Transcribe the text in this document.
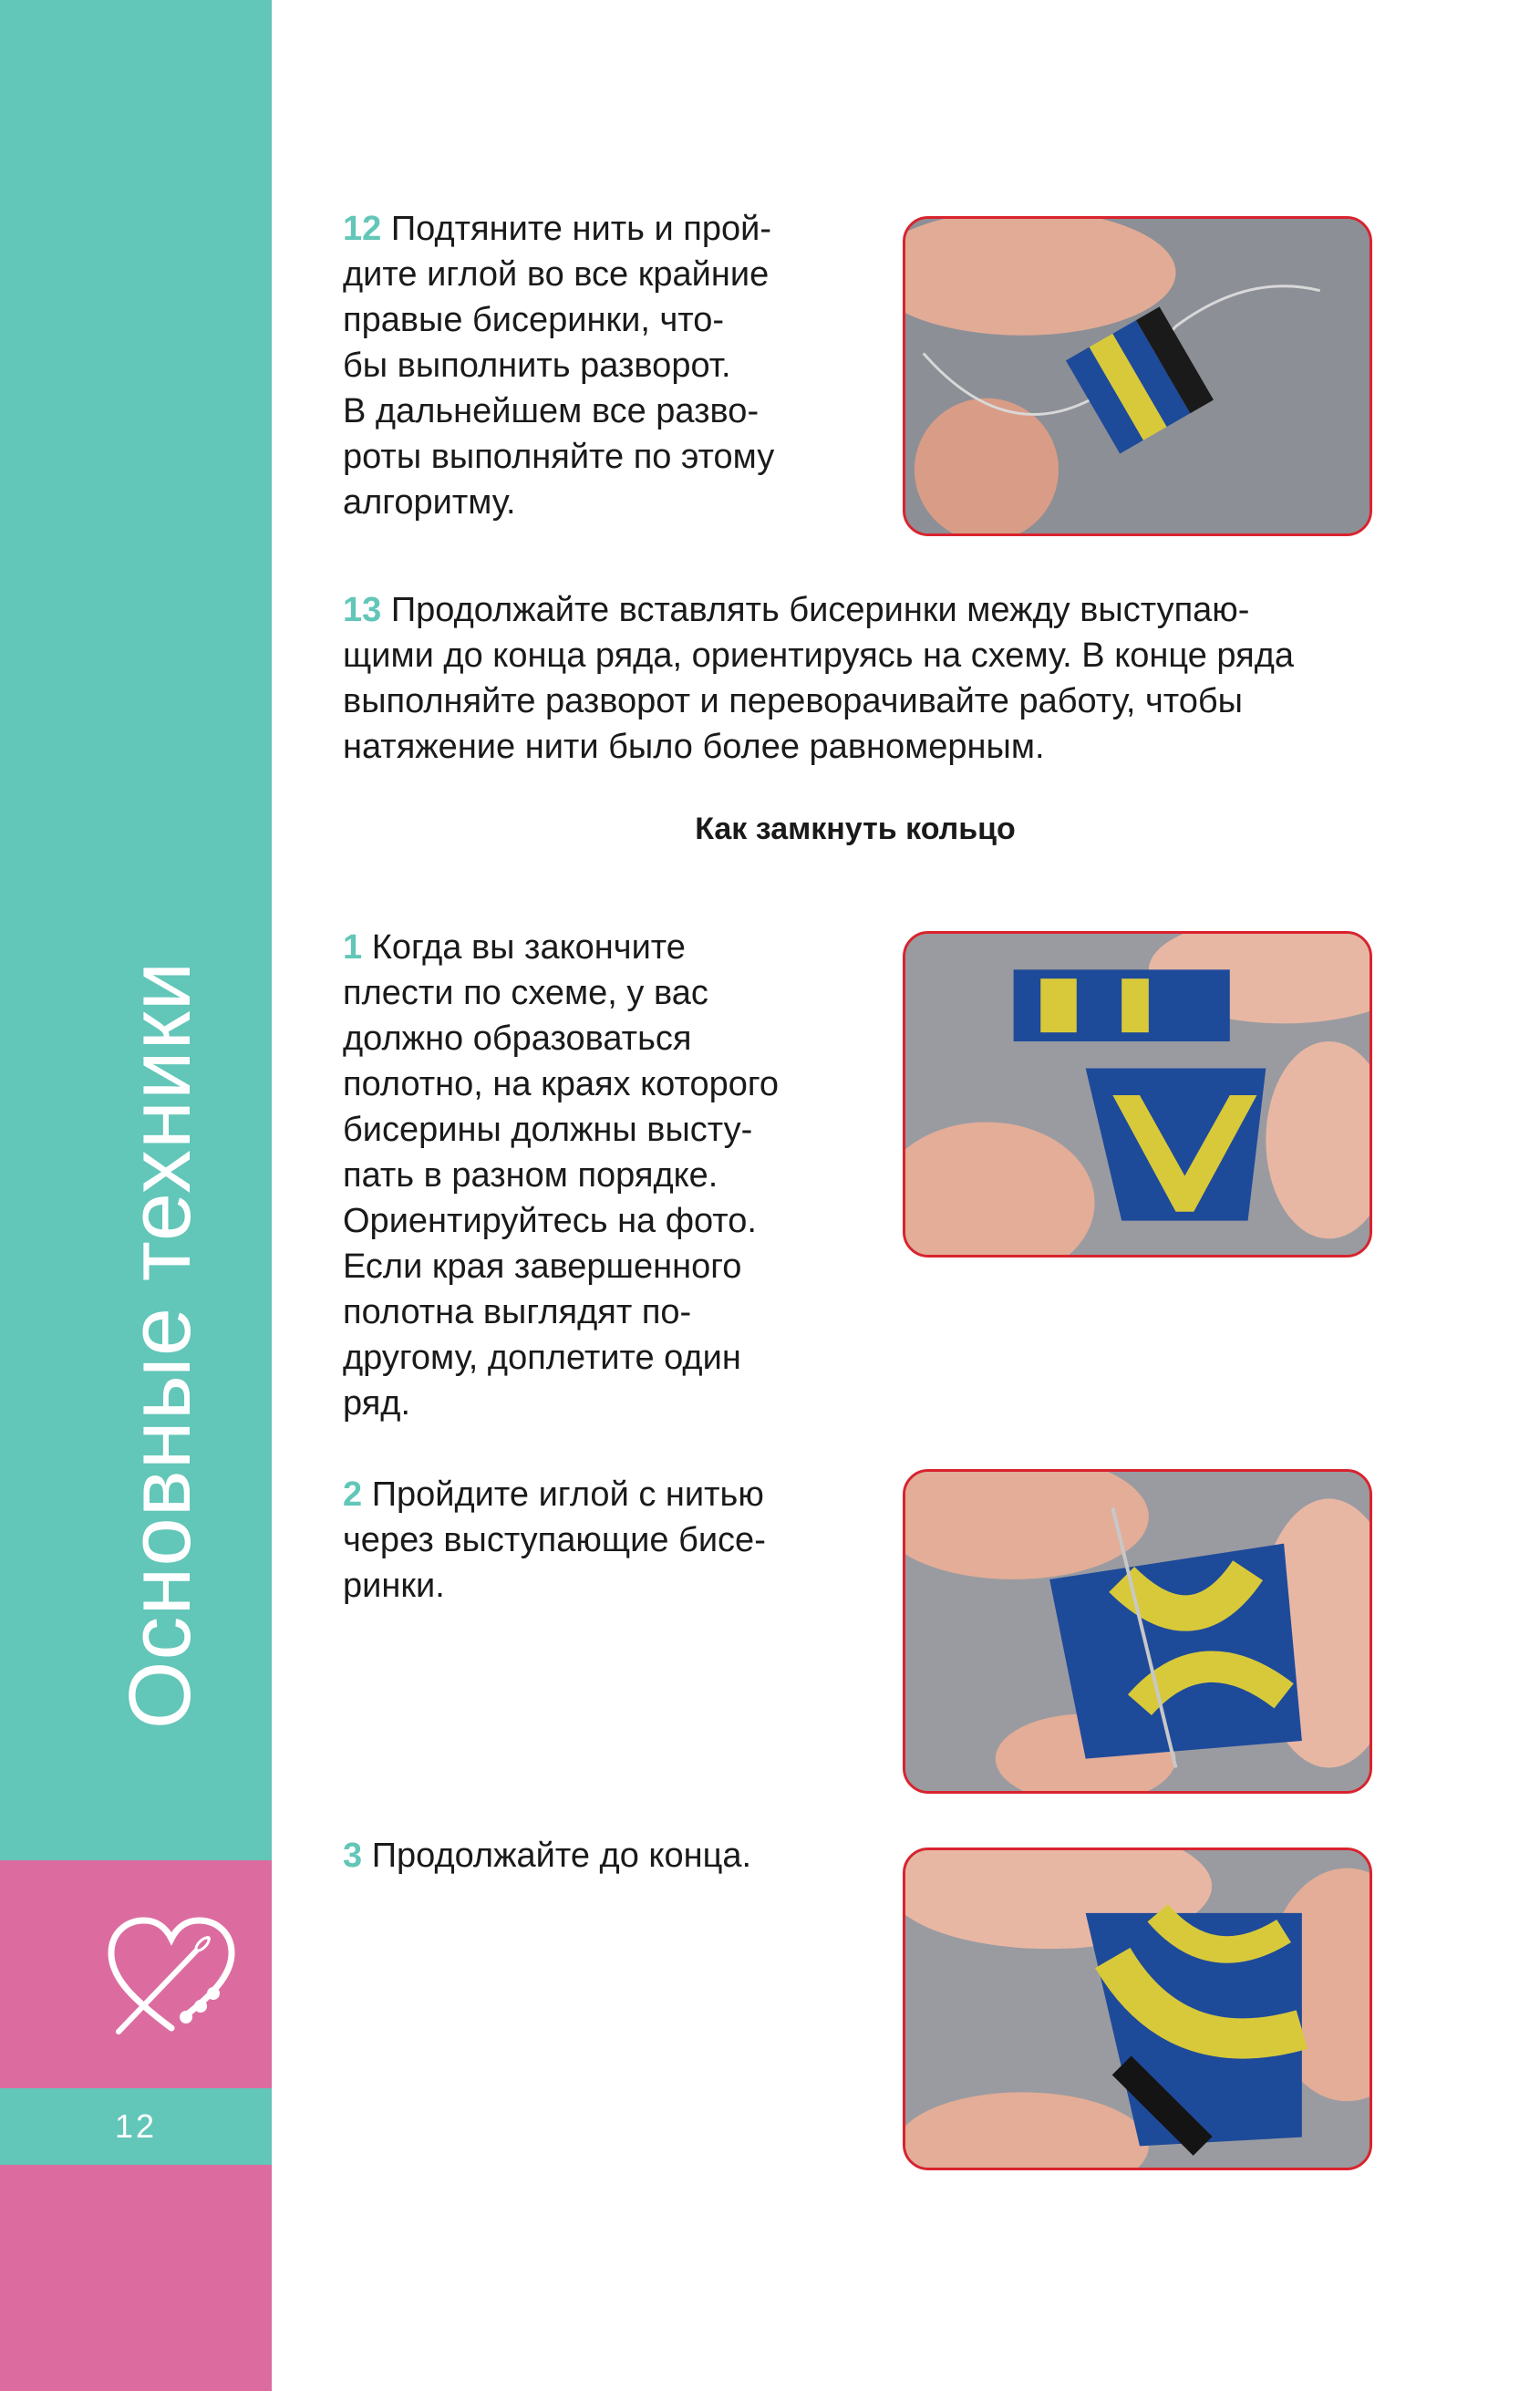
Основные техники
12
12 Подтяните нить и прой-
дите иглой во все крайние
правые бисеринки, что-
бы выполнить разворот.
В дальнейшем все разво-
роты выполняйте по этому
алгоритму.
13 Продолжайте вставлять бисеринки между выступаю-
щими до конца ряда, ориентируясь на схему. В конце ряда
выполняйте разворот и переворачивайте работу, чтобы
натяжение нити было более равномерным.
Как замкнуть кольцо
1 Когда вы закончите
плести по схеме, у вас
должно образоваться
полотно, на краях которого
бисерины должны высту-
пать в разном порядке.
Ориентируйтесь на фото.
Если края завершенного
полотна выглядят по-
другому, доплетите один
ряд.
2 Пройдите иглой с нитью
через выступающие бисе-
ринки.
3 Продолжайте до конца.
